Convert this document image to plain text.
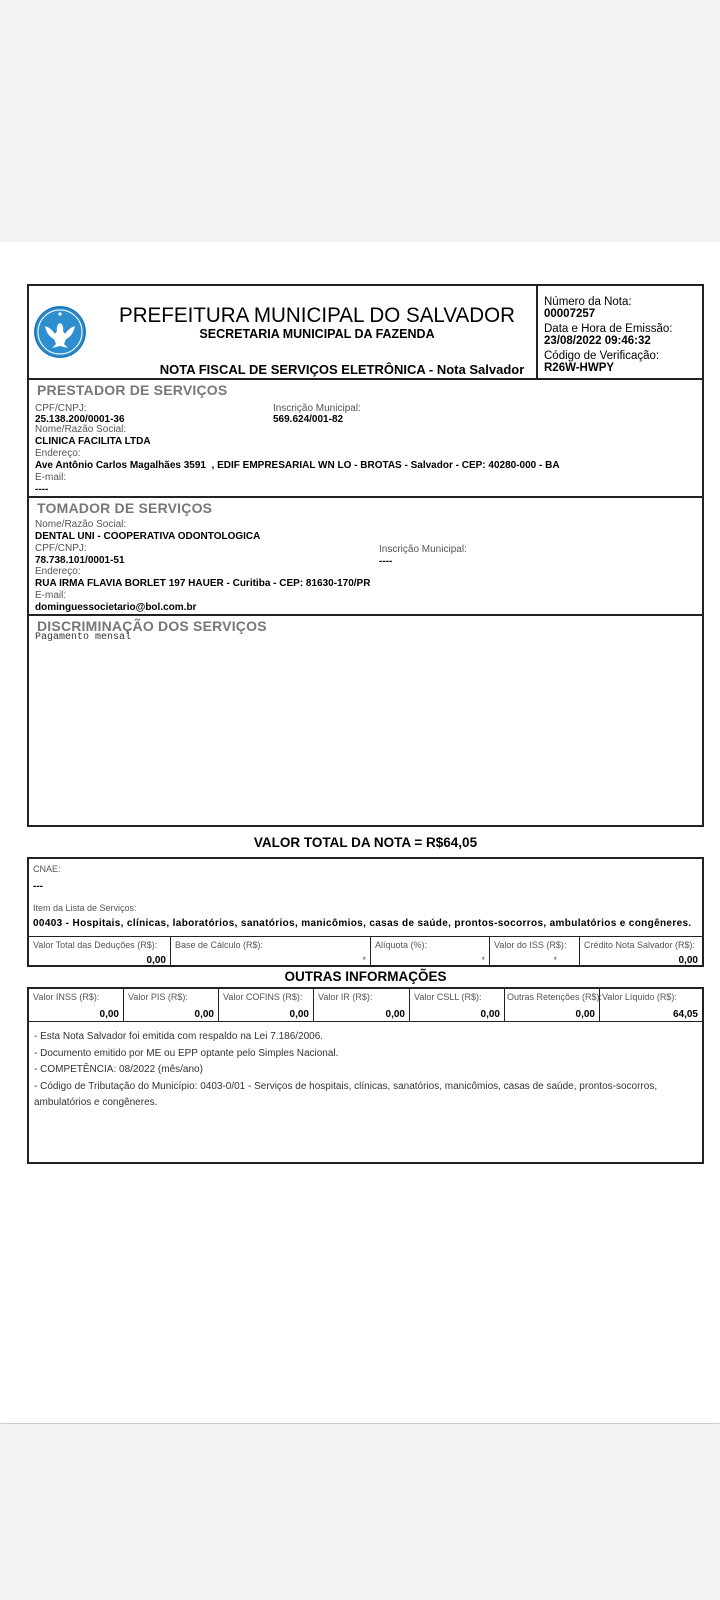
PREFEITURA MUNICIPAL DO SALVADOR
SECRETARIA MUNICIPAL DA FAZENDA
NOTA FISCAL DE SERVIÇOS ELETRÔNICA - Nota Salvador
Número da Nota:
00007257
Data e Hora de Emissão:
23/08/2022 09:46:32
Código de Verificação:
R26W-HWPY
PRESTADOR DE SERVIÇOS
CPF/CNPJ:
25.138.200/0001-36
Inscrição Municipal:
569.624/001-82
Nome/Razão Social:
CLINICA FACILITA LTDA
Endereço:
Ave Antônio Carlos Magalhães 3591  , EDIF EMPRESARIAL WN LO - BROTAS - Salvador - CEP: 40280-000 - BA
E-mail:
----
TOMADOR DE SERVIÇOS
Nome/Razão Social:
DENTAL UNI - COOPERATIVA ODONTOLOGICA
CPF/CNPJ:
78.738.101/0001-51
Inscrição Municipal:
----
Endereço:
RUA IRMA FLAVIA BORLET 197 HAUER - Curitiba - CEP: 81630-170/PR
E-mail:
dominguessocietario@bol.com.br
DISCRIMINAÇÃO DOS SERVIÇOS
Pagamento mensal
VALOR TOTAL DA NOTA = R$64,05
CNAE:
---
Item da Lista de Serviços:
00403 - Hospitais, clínicas, laboratórios, sanatórios, manicômios, casas de saúde, prontos-socorros, ambulatórios e congêneres.
Valor Total das Deduções (R$):
0,00
Base de Cálculo (R$):
*
Alíquota (%):
*
Valor do ISS (R$):
*
Crédito Nota Salvador (R$):
0,00
OUTRAS INFORMAÇÕES
Valor INSS (R$):
0,00
Valor PIS (R$):
0,00
Valor COFINS (R$):
0,00
Valor IR (R$):
0,00
Valor CSLL (R$):
0,00
Outras Retenções (R$):
0,00
Valor Líquido (R$):
64,05
- Esta Nota Salvador foi emitida com respaldo na Lei 7.186/2006.
- Documento emitido por ME ou EPP optante pelo Simples Nacional.
- COMPETÊNCIA: 08/2022 (mês/ano)
- Código de Tributação do Município: 0403-0/01 - Serviços de hospitais, clínicas, sanatórios, manicômios, casas de saúde, prontos-socorros, ambulatórios e congêneres.
